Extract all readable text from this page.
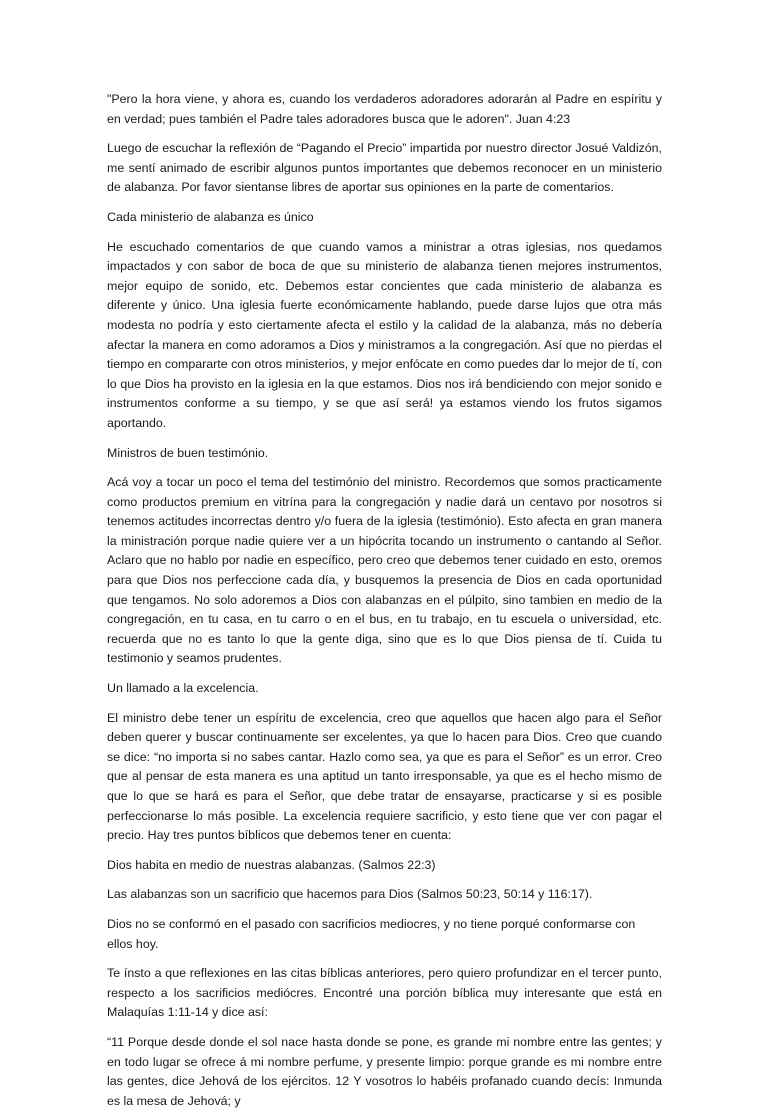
"Pero la hora viene, y ahora es, cuando los verdaderos adoradores adorarán al Padre en espíritu y en verdad; pues también el Padre tales adoradores busca que le adoren". Juan 4:23

Luego de escuchar la reflexión de “Pagando el Precio” impartida por nuestro director Josué Valdizón, me sentí animado de escribir algunos puntos importantes que debemos reconocer en un ministerio de alabanza. Por favor sientanse libres de aportar sus opiniones en la parte de comentarios.

Cada ministerio de alabanza es único

He escuchado comentarios de que cuando vamos a ministrar a otras iglesias, nos quedamos impactados y con sabor de boca de que su ministerio de alabanza tienen mejores instrumentos, mejor equipo de sonido, etc. Debemos estar concientes que cada ministerio de alabanza es diferente y único. Una iglesia fuerte económicamente hablando, puede darse lujos que otra más modesta no podría y esto ciertamente afecta el estilo y la calidad de la alabanza, más no debería afectar la manera en como adoramos a Dios y ministramos a la congregación. Así que no pierdas el tiempo en compararte con otros ministerios, y mejor enfócate en como puedes dar lo mejor de tí, con lo que Dios ha provisto en la iglesia en la que estamos. Dios nos irá bendiciendo con mejor sonido e instrumentos conforme a su tiempo, y se que así será! ya estamos viendo los frutos sigamos aportando.

Ministros de buen testimónio.

Acá voy a tocar un poco el tema del testimónio del ministro. Recordemos que somos practicamente como productos premium en vitrína para la congregación y nadie dará un centavo por nosotros si tenemos actitudes incorrectas dentro y/o fuera de la iglesia (testimónio). Esto afecta en gran manera la ministración porque nadie quiere ver a un hipócrita tocando un instrumento o cantando al Señor. Aclaro que no hablo por nadie en específico, pero creo que debemos tener cuidado en esto, oremos para que Dios nos perfeccione cada día, y busquemos la presencia de Dios en cada oportunidad que tengamos. No solo adoremos a Dios con alabanzas en el púlpito, sino tambien en medio de la congregación, en tu casa, en tu carro o en el bus, en tu trabajo, en tu escuela o universidad, etc. recuerda que no es tanto lo que la gente diga, sino que es lo que Dios piensa de tí. Cuida tu testimonio y seamos prudentes.

Un llamado a la excelencia.

El ministro debe tener un espíritu de excelencia, creo que aquellos que hacen algo para el Señor deben querer y buscar continuamente ser excelentes, ya que lo hacen para Dios. Creo que cuando se dice: “no importa si no sabes cantar. Hazlo como sea, ya que es para el Señor” es un error. Creo que al pensar de esta manera es una aptitud un tanto irresponsable, ya que es el hecho mismo de que lo que se hará es para el Señor, que debe tratar de ensayarse, practicarse y si es posible perfeccionarse lo más posible. La excelencia requiere sacrificio, y esto tiene que ver con pagar el precio. Hay tres puntos bíblicos que debemos tener en cuenta:

Dios habita en medio de nuestras alabanzas. (Salmos 22:3)

Las alabanzas son un sacrificio que hacemos para Dios (Salmos 50:23, 50:14 y 116:17).

Dios no se conformó en el pasado con sacrificios mediocres, y no tiene porqué conformarse con ellos hoy.

Te ínsto a que reflexiones en las citas bíblicas anteriores, pero quiero profundizar en el tercer punto, respecto a los sacrificios mediócres. Encontré una porción bíblica muy interesante que está en Malaquías 1:11-14 y dice así:

“11 Porque desde donde el sol nace hasta donde se pone, es grande mi nombre entre las gentes; y en todo lugar se ofrece á mi nombre perfume, y presente limpio: porque grande es mi nombre entre las gentes, dice Jehová de los ejércitos. 12 Y vosotros lo habéis profanado cuando decís: Inmunda es la mesa de Jehová; y
